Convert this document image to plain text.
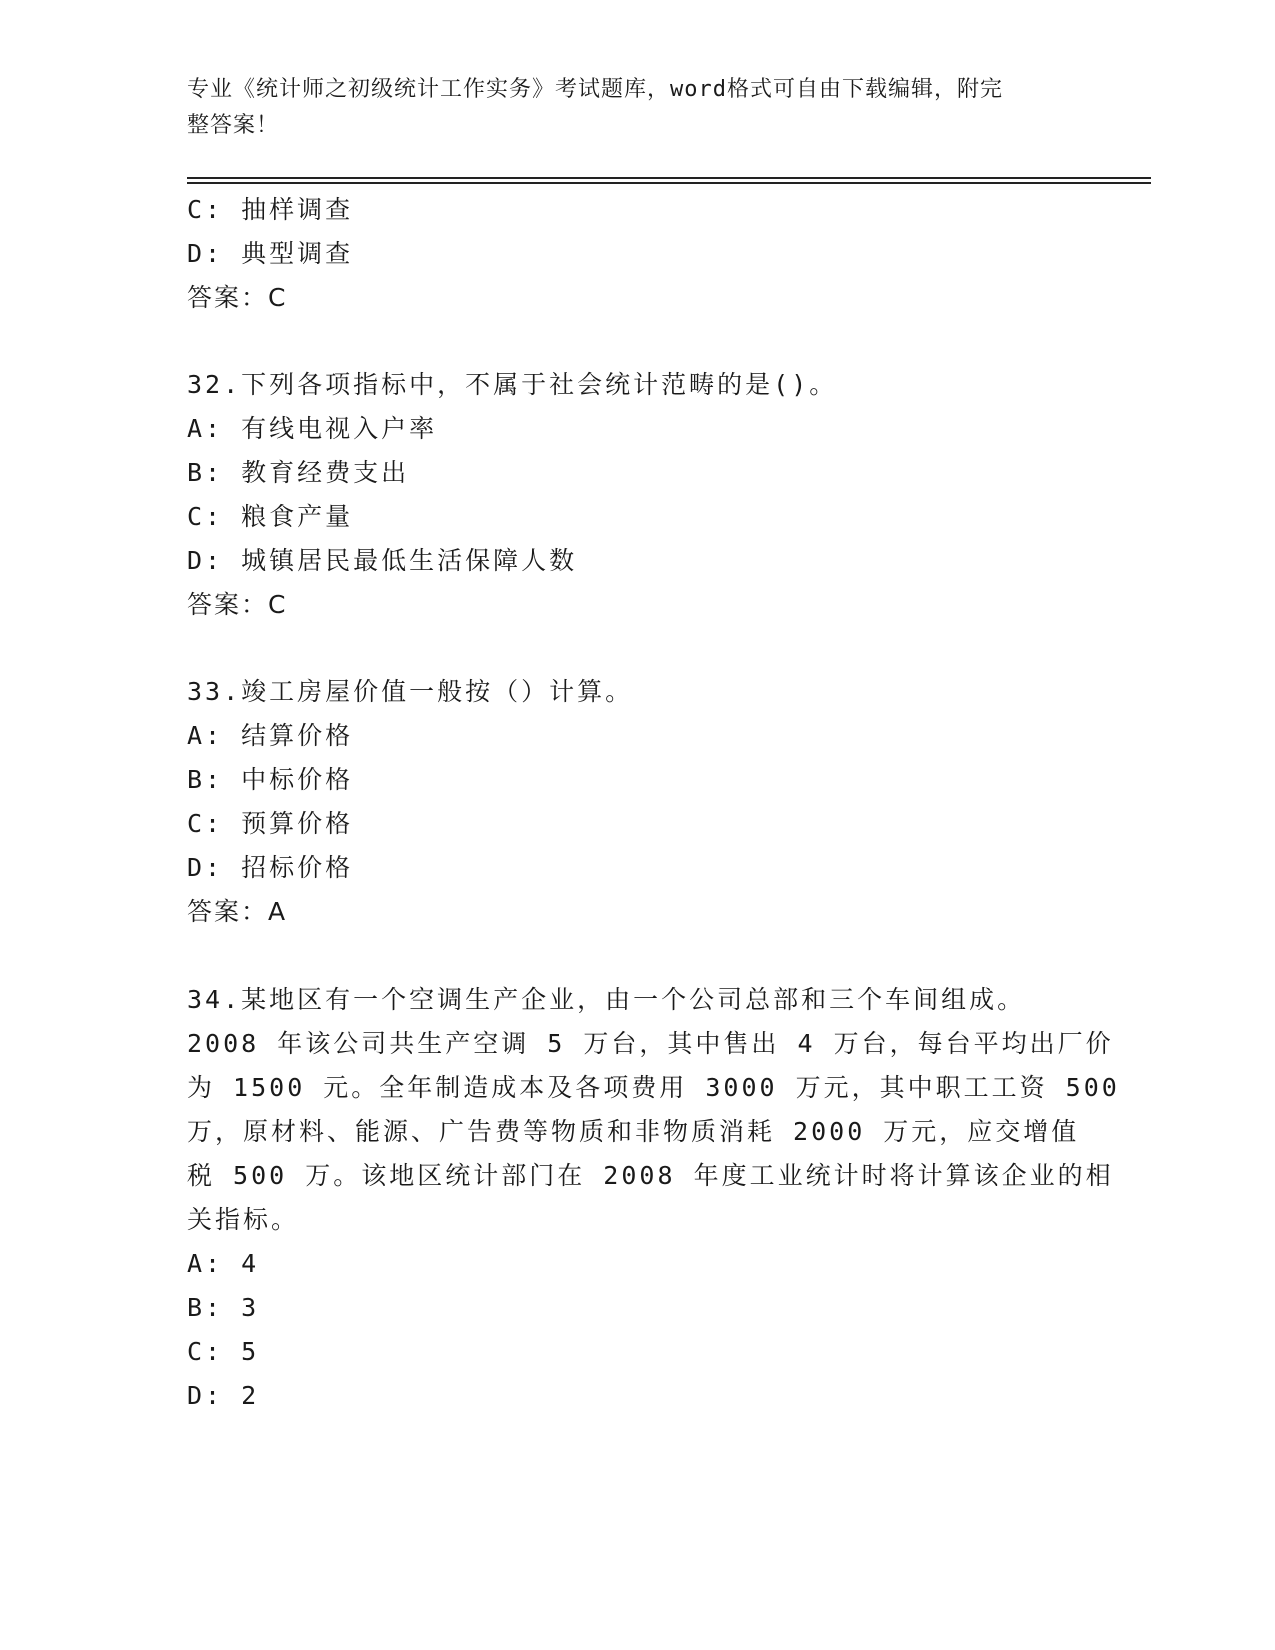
专业《统计师之初级统计工作实务》考试题库，word格式可自由下载编辑，附完
整答案！
C: 抽样调查
D: 典型调查
答案：C
32.下列各项指标中，不属于社会统计范畴的是()。
A: 有线电视入户率
B: 教育经费支出
C: 粮食产量
D: 城镇居民最低生活保障人数
答案：C
33.竣工房屋价值一般按（）计算。
A: 结算价格
B: 中标价格
C: 预算价格
D: 招标价格
答案：A
34.某地区有一个空调生产企业，由一个公司总部和三个车间组成。
2008 年该公司共生产空调 5 万台，其中售出 4 万台，每台平均出厂价
为 1500 元。全年制造成本及各项费用 3000 万元，其中职工工资 500
万，原材料、能源、广告费等物质和非物质消耗 2000 万元，应交增值
税 500 万。该地区统计部门在 2008 年度工业统计时将计算该企业的相
关指标。
A: 4
B: 3
C: 5
D: 2
